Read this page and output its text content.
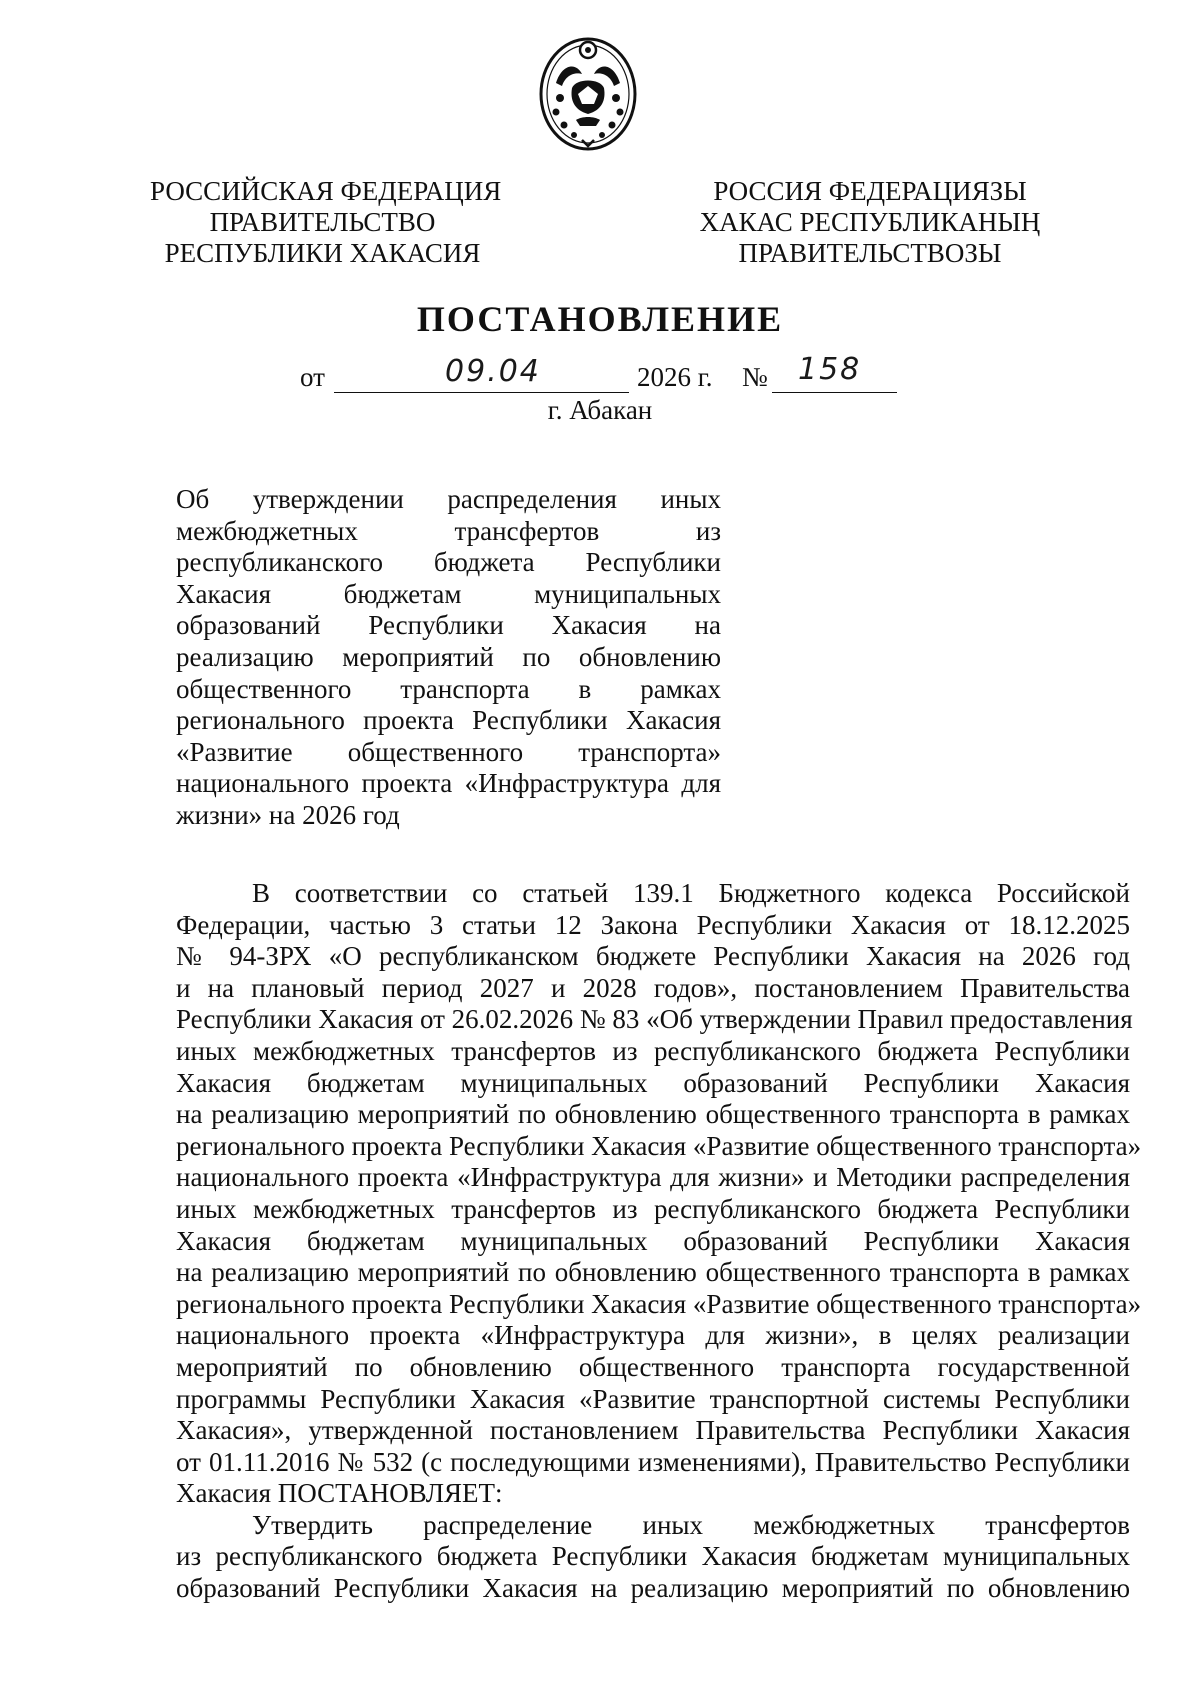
РОССИЙСКАЯ ФЕДЕРАЦИЯ
ПРАВИТЕЛЬСТВО
РЕСПУБЛИКИ ХАКАСИЯ
РОССИЯ ФЕДЕРАЦИЯЗЫ
ХАКАС РЕСПУБЛИКАНЫҢ
ПРАВИТЕЛЬСТВОЗЫ
ПОСТАНОВЛЕНИЕ
от	09.04	2026 г. № 158
г. Абакан
Об утверждении распределения иных
межбюджетных трансфертов из
республиканского бюджета Республики
Хакасия бюджетам муниципальных
образований Республики Хакасия на
реализацию мероприятий по обновлению
общественного транспорта в рамках
регионального проекта Республики Хакасия
«Развитие общественного транспорта»
национального проекта «Инфраструктура для
жизни» на 2026 год
В соответствии со статьей 139.1 Бюджетного кодекса Российской
Федерации, частью 3 статьи 12 Закона Республики Хакасия от 18.12.2025
№ 94-ЗРХ «О республиканском бюджете Республики Хакасия на 2026 год
и на плановый период 2027 и 2028 годов», постановлением Правительства
Республики Хакасия от 26.02.2026 № 83 «Об утверждении Правил предоставления
иных межбюджетных трансфертов из республиканского бюджета Республики
Хакасия бюджетам муниципальных образований Республики Хакасия
на реализацию мероприятий по обновлению общественного транспорта в рамках
регионального проекта Республики Хакасия «Развитие общественного транспорта»
национального проекта «Инфраструктура для жизни» и Методики распределения
иных межбюджетных трансфертов из республиканского бюджета Республики
Хакасия бюджетам муниципальных образований Республики Хакасия
на реализацию мероприятий по обновлению общественного транспорта в рамках
регионального проекта Республики Хакасия «Развитие общественного транспорта»
национального проекта «Инфраструктура для жизни», в целях реализации
мероприятий по обновлению общественного транспорта государственной
программы Республики Хакасия «Развитие транспортной системы Республики
Хакасия», утвержденной постановлением Правительства Республики Хакасия
от 01.11.2016 № 532 (с последующими изменениями), Правительство Республики
Хакасия ПОСТАНОВЛЯЕТ:
Утвердить распределение иных межбюджетных трансфертов
из республиканского бюджета Республики Хакасия бюджетам муниципальных
образований Республики Хакасия на реализацию мероприятий по обновлению
